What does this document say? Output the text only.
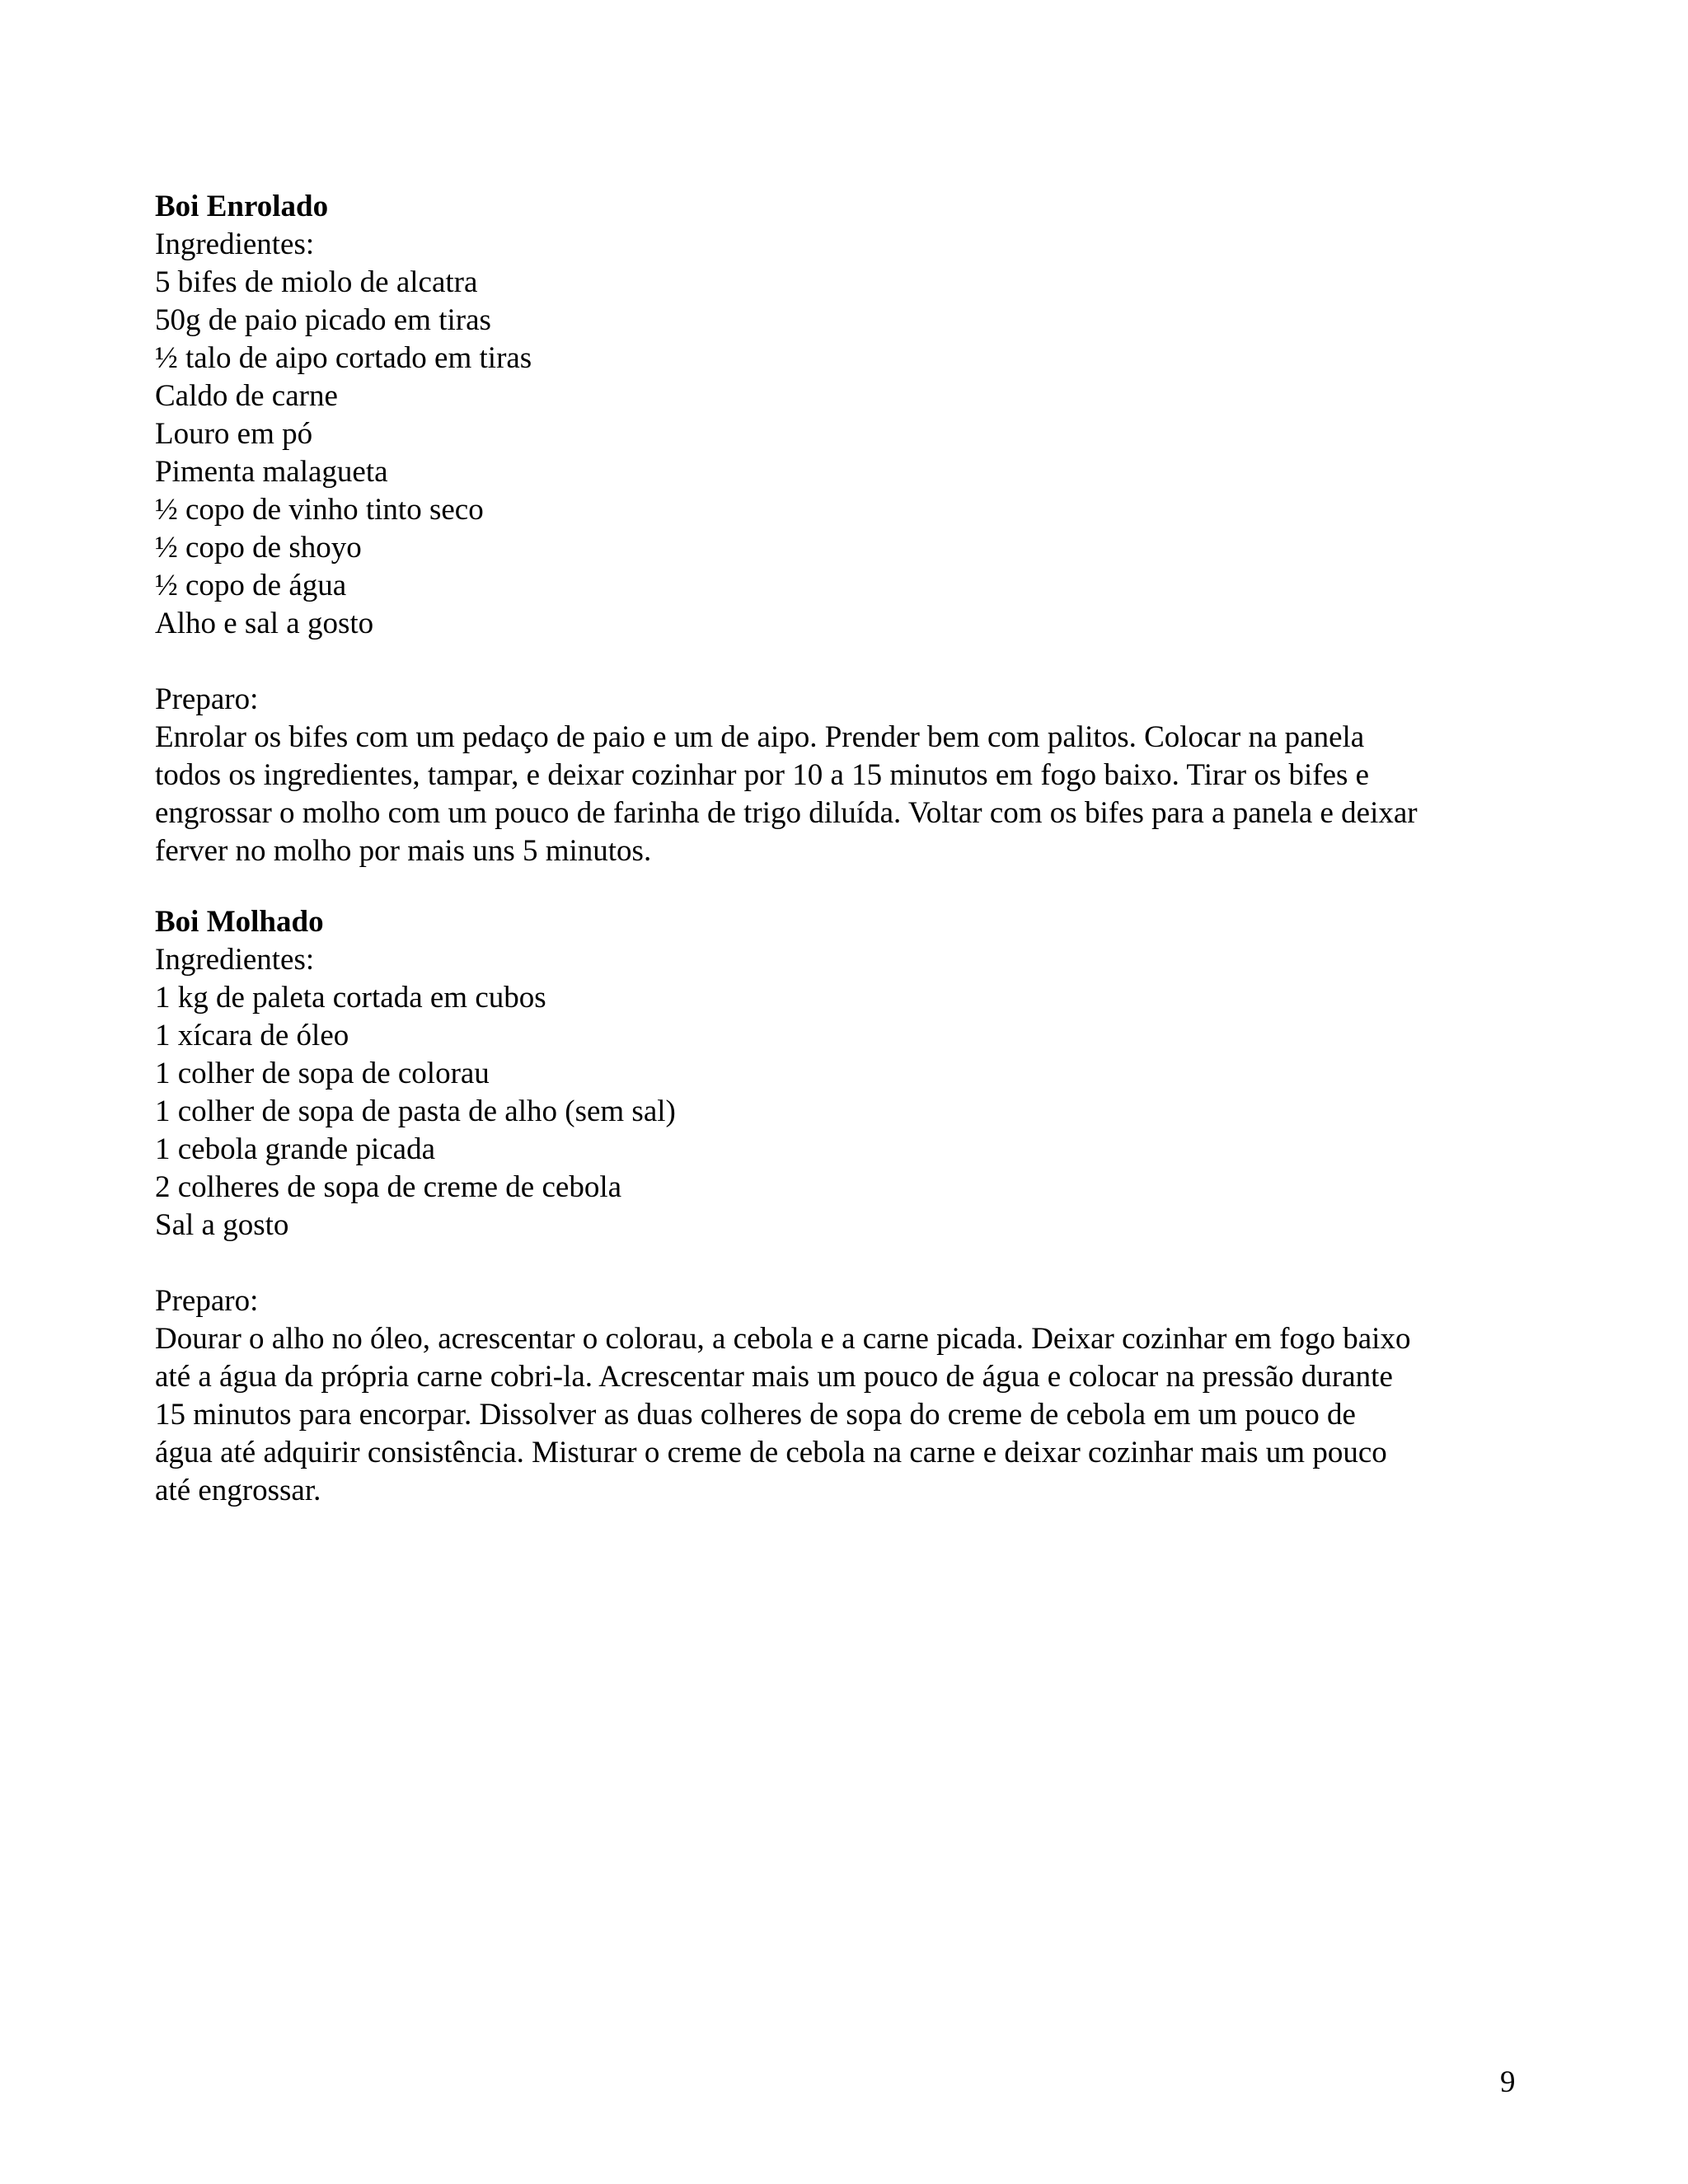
Boi Enrolado
Ingredientes:
5 bifes de miolo de alcatra
50g de paio picado em tiras
½ talo de aipo cortado em tiras
Caldo de carne
Louro em pó
Pimenta malagueta
½ copo de vinho tinto seco
½ copo de shoyo
½ copo de água
Alho e sal a gosto
Preparo:
Enrolar os bifes com um pedaço de paio e um de aipo. Prender bem com palitos. Colocar na panela
todos os ingredientes, tampar, e deixar cozinhar por 10 a 15 minutos em fogo baixo. Tirar os bifes e
engrossar o molho com um pouco de farinha de trigo diluída. Voltar com os bifes para a panela e deixar
ferver no molho por mais uns 5 minutos.
Boi Molhado
Ingredientes:
1 kg de paleta cortada em cubos
1 xícara de óleo
1 colher de sopa de colorau
1 colher de sopa de pasta de alho (sem sal)
1 cebola grande picada
2 colheres de sopa de creme de cebola
Sal a gosto
Preparo:
Dourar o alho no óleo, acrescentar o colorau, a cebola e a carne picada. Deixar cozinhar em fogo baixo
até a água da própria carne cobri-la. Acrescentar mais um pouco de água e colocar na pressão durante
15 minutos para encorpar. Dissolver as duas colheres de sopa do creme de cebola em um pouco de
água até adquirir consistência. Misturar o creme de cebola na carne e deixar cozinhar mais um pouco
até engrossar.
9
